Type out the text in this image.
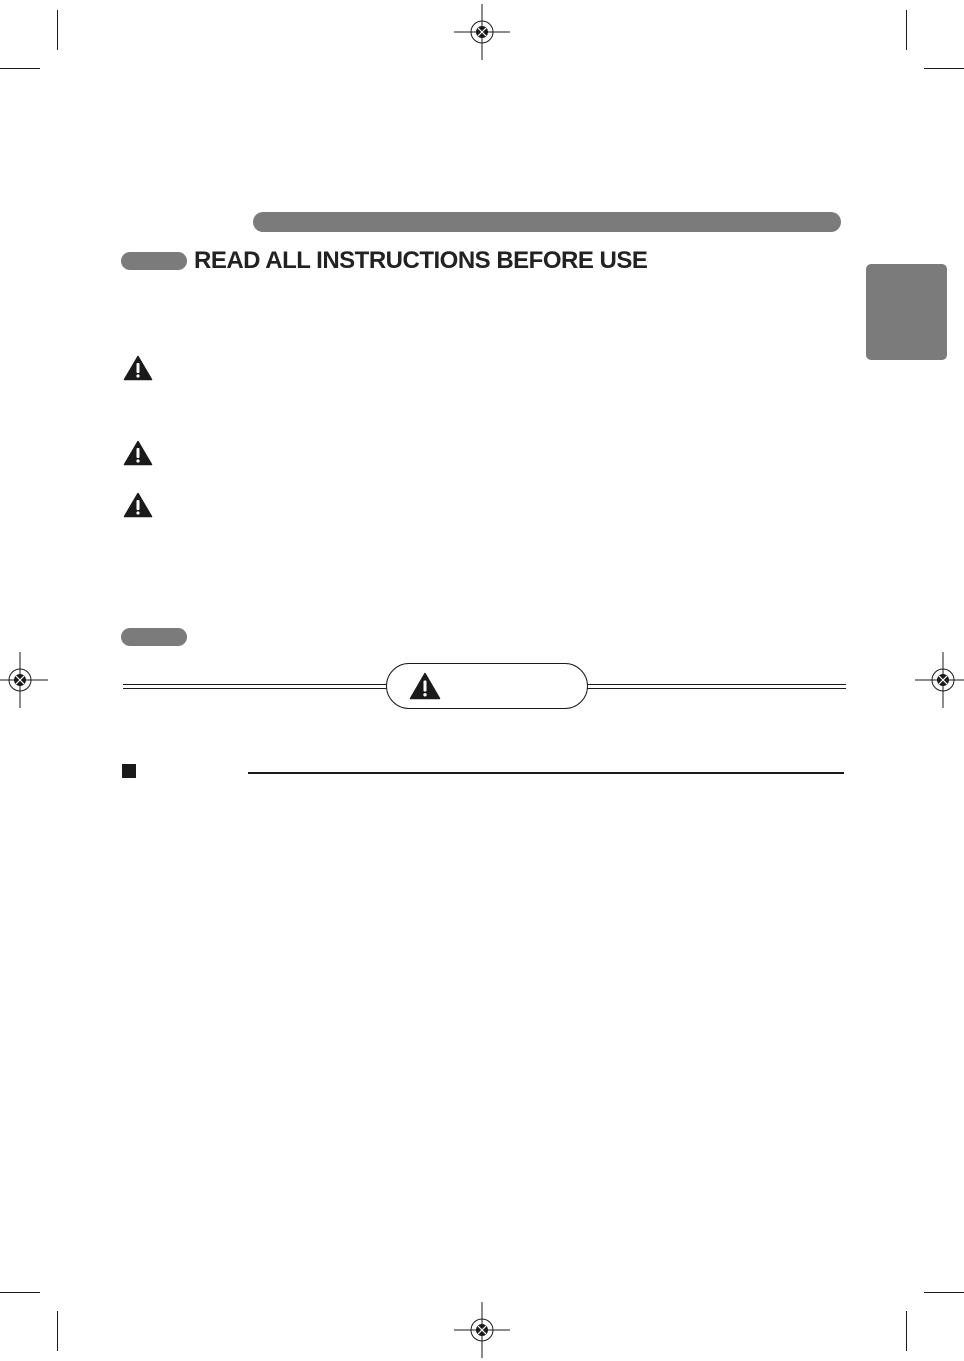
READ ALL INSTRUCTIONS BEFORE USE
